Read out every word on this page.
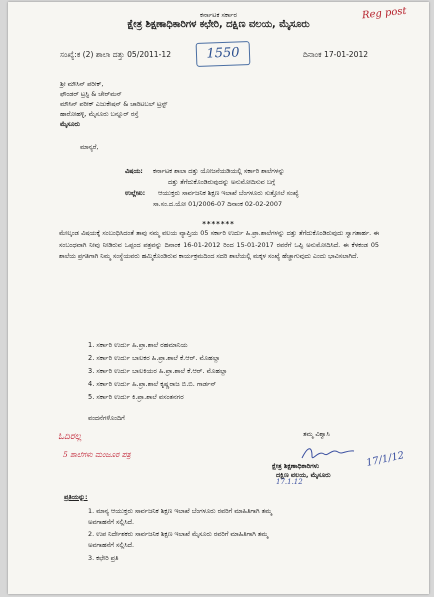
ಕರ್ನಾಟಕ ಸರ್ಕಾರ
ಕ್ಷೇತ್ರ ಶಿಕ್ಷಣಾಧಿಕಾರಿಗಳ ಕಛೇರಿ, ದಕ್ಷಿಣ ವಲಯ, ಮೈಸೂರು
Reg post
ಸಂಖ್ಯೆ:ಕ (2) ಶಾಲಾ ದತ್ತು 05/2011-12	1550	ದಿನಾಂಕ 17-01-2012
ಶ್ರೀ ಮೌಸಿನ್ ಪರೀಕ್,
ಫೌಂಡರ್ ಟ್ರಸ್ಟಿ & ಚೇರ್‌ಮನ್
ಮೌಸಿನ್ ಪರೀಕ್ ಎಜುಕೇಷನ್ & ಚಾರಿಟಬಲ್ ಟ್ರಸ್ಟ್
ಹಾರೋಹಳ್ಳಿ, ಮೈಸೂರು ಬನ್ನೂರ್ ರಸ್ತೆ
ಮೈಸೂರು
ಮಾನ್ಯರೆ,
ವಿಷಯ: ಕರ್ನಾಟಕ ಶಾಲಾ ದತ್ತು ಯೋಜನೆಯಡಿಯಲ್ಲಿ ಸರ್ಕಾರಿ ಶಾಲೆಗಳನ್ನು
ದತ್ತು ತೆಗೆದುಕೊಂಡಿರುವುದನ್ನು ಅನುಮೋದಿಸುವ ಬಗ್ಗೆ
ಉಲ್ಲೇಖ: ಆಯುಕ್ತರು ಸಾರ್ವಜನಿಕ ಶಿಕ್ಷಣ ಇಲಾಖೆ ಬೆಂಗಳೂರು ಸುತ್ತೋಲೆ ಸಂಖ್ಯೆ
ಸಾ.ಸಂ.ದ.ಯೋ 01/2006-07 ದಿನಾಂಕ 02-02-2007
*******
ಮೇಲ್ಕಂಡ ವಿಷಯಕ್ಕೆ ಸಂಬಂಧಿಸಿದಂತೆ ತಾವು ನಮ್ಮ ವಲಯ ವ್ಯಾಪ್ತಿಯ 05 ಸರ್ಕಾರಿ ಉರ್ದು ಹಿ.ಪ್ರಾ.ಶಾಲೆಗಳನ್ನು ದತ್ತು ತೆಗೆದುಕೊಂಡಿರುವುದು ಸ್ವಾಗತಾರ್ಹ. ಈ ಸಂಬಂಧವಾಗಿ ನೀವು ನೀಡಿರುವ ಒಪ್ಪಂದ ಪತ್ರವನ್ನು ದಿನಾಂಕ 16-01-2012 ರಿಂದ 15-01-2017 ರವರೆಗೆ ಒಪ್ಪಿ ಅನುಮೋದಿಸಿದೆ. ಈ ಕೆಳಕಂಡ 05 ಶಾಲೆಯ ಪ್ರಗತಿಗಾಗಿ ನಿಮ್ಮ ಸಂಸ್ಥೆಯವರು ಹಮ್ಮಿಕೊಂಡಿರುವ ಕಾರ್ಯಕ್ರಮದಿಂದ ಸದರಿ ಶಾಲೆಯಲ್ಲಿ ಮಕ್ಕಳ ಸಂಖ್ಯೆ ಹೆಚ್ಚಾಗುವುದು ಎಂದು ಭಾವಿಸಲಾಗಿದೆ.
1. ಸರ್ಕಾರಿ ಉರ್ದು ಹಿ.ಪ್ರಾ.ಶಾಲೆ ರಹಮಾನಿಯ
2. ಸರ್ಕಾರಿ ಉರ್ದು ಬಾಲಕರ ಹಿ.ಪ್ರಾ.ಶಾಲೆ ಕೆ.ಆರ್. ಮೊಹಲ್ಲಾ
3. ಸರ್ಕಾರಿ ಉರ್ದು ಬಾಲಕಿಯರ ಹಿ.ಪ್ರಾ.ಶಾಲೆ ಕೆ.ಆರ್. ಮೊಹಲ್ಲಾ
4. ಸರ್ಕಾರಿ ಉರ್ದು ಹಿ.ಪ್ರಾ.ಶಾಲೆ ಕೃಷ್ಣರಾಜ ಬಿ.ಬಿ. ಗಾರ್ಡನ್
5. ಸರ್ಕಾರಿ ಉರ್ದು ಕಿ.ಪ್ರಾ.ಶಾಲೆ ವಸಂತನಗರ
ವಂದನೆಗಳೊಂದಿಗೆ
ಓದಿರಲ್ಲ
5 ಶಾಲೆಗಳು ಮಂಜೂರ ಪತ್ರ
ತಮ್ಮ ವಿಶ್ವಾಸಿ
17/1/12
ಕ್ಷೇತ್ರ ಶಿಕ್ಷಣಾಧಿಕಾರಿಗಳು
ದಕ್ಷಿಣ ವಲಯ, ಮೈಸೂರು
17.1.12
ಪ್ರತಿಯನ್ನು:
1. ಮಾನ್ಯ ಆಯುಕ್ತರು ಸಾರ್ವಜನಿಕ ಶಿಕ್ಷಣ ಇಲಾಖೆ ಬೆಂಗಳೂರು ರವರಿಗೆ ಮಾಹಿತಿಗಾಗಿ ತಮ್ಮ
ಅವಗಾಹನೆಗೆ ಸಲ್ಲಿಸಿದೆ.
2. ಉಪ ನಿರ್ದೇಶಕರು ಸಾರ್ವಜನಿಕ ಶಿಕ್ಷಣ ಇಲಾಖೆ ಮೈಸೂರು ರವರಿಗೆ ಮಾಹಿತಿಗಾಗಿ ತಮ್ಮ
ಅವಗಾಹನೆಗೆ ಸಲ್ಲಿಸಿದೆ.
3. ಕಛೇರಿ ಪ್ರತಿ
